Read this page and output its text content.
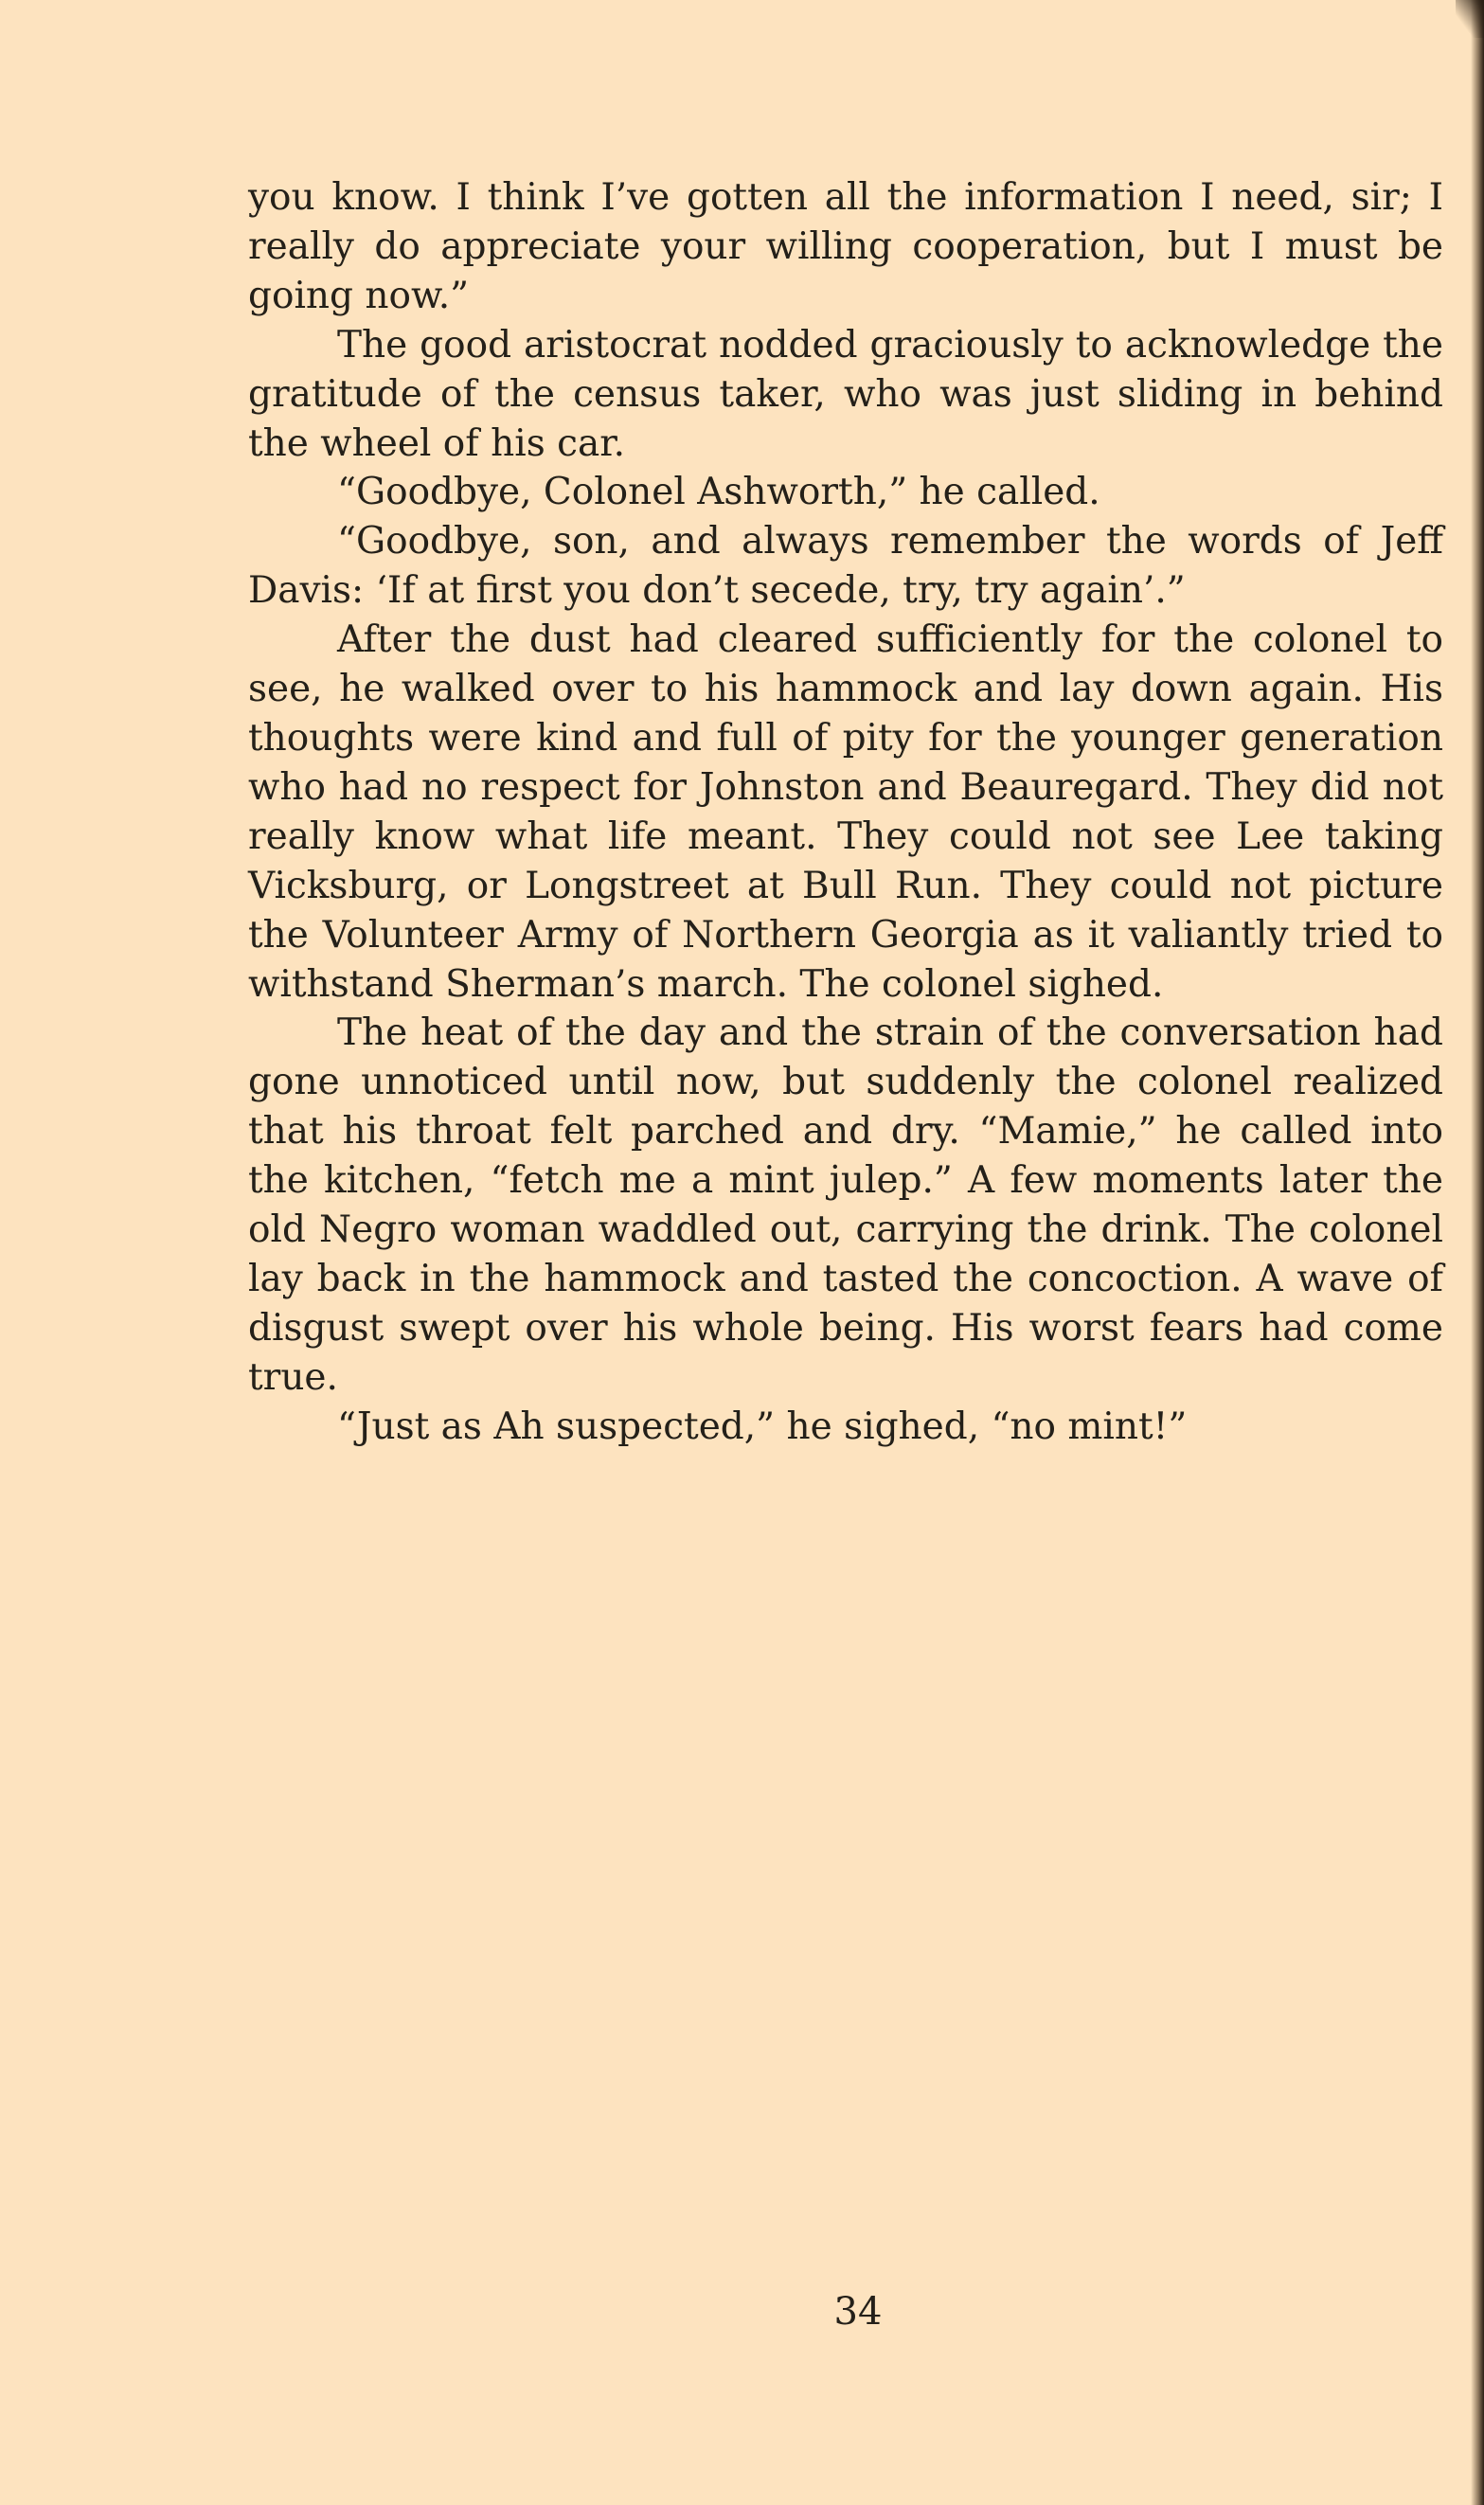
you know. I think I’ve gotten all the information I need, sir; I really do appreciate your willing cooperation, but I must be going now.”

The good aristocrat nodded graciously to acknowledge the gratitude of the census taker, who was just sliding in behind the wheel of his car.

“Goodbye, Colonel Ashworth,” he called.

“Goodbye, son, and always remember the words of Jeff Davis: ‘If at first you don’t secede, try, try again’.”

After the dust had cleared sufficiently for the colonel to see, he walked over to his hammock and lay down again. His thoughts were kind and full of pity for the younger generation who had no respect for Johnston and Beauregard. They did not really know what life meant. They could not see Lee taking Vicksburg, or Longstreet at Bull Run. They could not picture the Volunteer Army of Northern Georgia as it valiantly tried to withstand Sherman’s march. The colonel sighed.

The heat of the day and the strain of the conversation had gone unnoticed until now, but suddenly the colonel realized that his throat felt parched and dry. “Mamie,” he called into the kitchen, “fetch me a mint julep.” A few moments later the old Negro woman waddled out, carrying the drink. The colonel lay back in the hammock and tasted the concoction. A wave of disgust swept over his whole being. His worst fears had come true.

“Just as Ah suspected,” he sighed, “no mint!”

34
